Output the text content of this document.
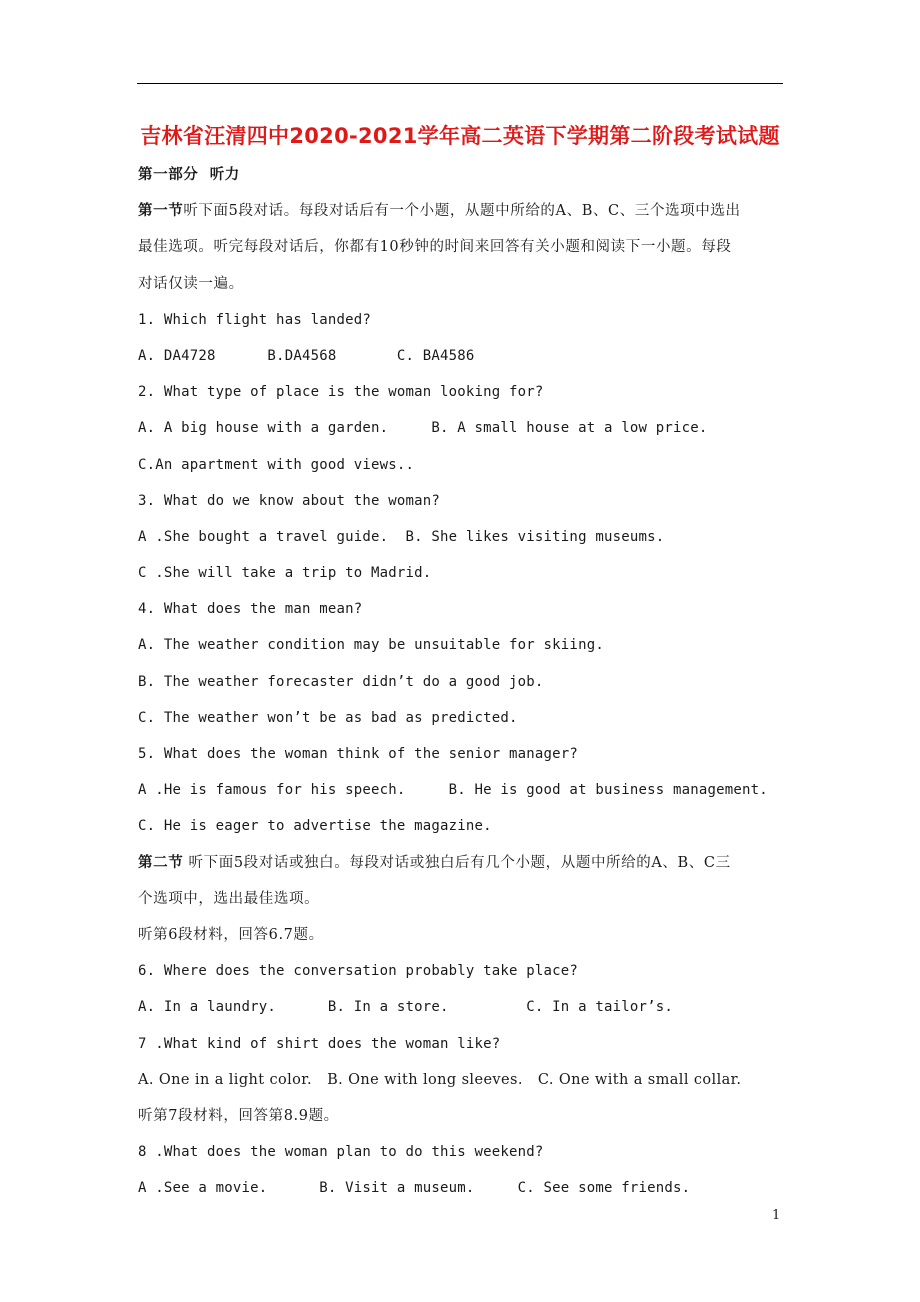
吉林省汪清四中2020-2021学年高二英语下学期第二阶段考试试题
第一部分  听力
第一节听下面5段对话。每段对话后有一个小题，从题中所给的A、B、C、三个选项中选出
最佳选项。听完每段对话后，你都有10秒钟的时间来回答有关小题和阅读下一小题。每段
对话仅读一遍。
1. Which flight has landed?
A. DA4728      B.DA4568       C. BA4586
2. What type of place is the woman looking for?
A. A big house with a garden.     B. A small house at a low price.
C.An apartment with good views..
3. What do we know about the woman?
A .She bought a travel guide.  B. She likes visiting museums.
C .She will take a trip to Madrid.
4. What does the man mean?
A. The weather condition may be unsuitable for skiing.
B. The weather forecaster didn’t do a good job.
C. The weather won’t be as bad as predicted.
5. What does the woman think of the senior manager?
A .He is famous for his speech.     B. He is good at business management.
C. He is eager to advertise the magazine.
第二节 听下面5段对话或独白。每段对话或独白后有几个小题，从题中所给的A、B、C三
个选项中，选出最佳选项。
听第6段材料，回答6.7题。
6. Where does the conversation probably take place?
A. In a laundry.      B. In a store.         C. In a tailor’s.
7 .What kind of shirt does the woman like?
A. One in a light color.   B. One with long sleeves.   C. One with a small collar.
听第7段材料，回答第8.9题。
8 .What does the woman plan to do this weekend?
A .See a movie.      B. Visit a museum.     C. See some friends.
1
